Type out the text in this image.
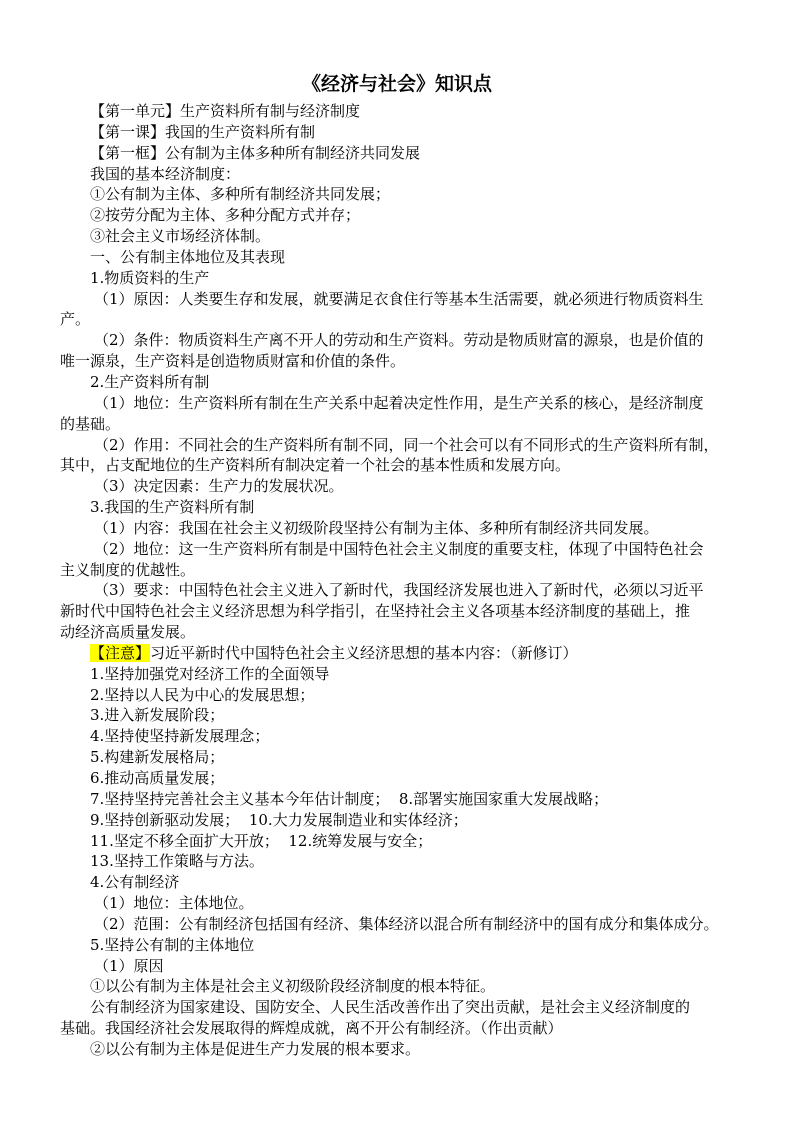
《经济与社会》知识点

【第一单元】生产资料所有制与经济制度

【第一课】我国的生产资料所有制

【第一框】公有制为主体多种所有制经济共同发展

我国的基本经济制度：

①公有制为主体、多种所有制经济共同发展；

②按劳分配为主体、多种分配方式并存；

③社会主义市场经济体制。

一、公有制主体地位及其表现

1.物质资料的生产

（1）原因：人类要生存和发展，就要满足衣食住行等基本生活需要，就必须进行物质资料生

产。

（2）条件：物质资料生产离不开人的劳动和生产资料。劳动是物质财富的源泉，也是价值的

唯一源泉，生产资料是创造物质财富和价值的条件。

2.生产资料所有制

（1）地位：生产资料所有制在生产关系中起着决定性作用，是生产关系的核心，是经济制度

的基础。

（2）作用：不同社会的生产资料所有制不同，同一个社会可以有不同形式的生产资料所有制，

其中，占支配地位的生产资料所有制决定着一个社会的基本性质和发展方向。

（3）决定因素：生产力的发展状况。

3.我国的生产资料所有制

（1）内容：我国在社会主义初级阶段坚持公有制为主体、多种所有制经济共同发展。

（2）地位：这一生产资料所有制是中国特色社会主义制度的重要支柱，体现了中国特色社会

主义制度的优越性。

（3）要求：中国特色社会主义进入了新时代，我国经济发展也进入了新时代，必须以习近平

新时代中国特色社会主义经济思想为科学指引，在坚持社会主义各项基本经济制度的基础上，推

动经济高质量发展。

【注意】习近平新时代中国特色社会主义经济思想的基本内容：（新修订）

1.坚持加强党对经济工作的全面领导

2.坚持以人民为中心的发展思想；

3.进入新发展阶段；

4.坚持使坚持新发展理念；

5.构建新发展格局；

6.推动高质量发展；

7.坚持坚持完善社会主义基本今年估计制度；  8.部署实施国家重大发展战略；

9.坚持创新驱动发展；  10.大力发展制造业和实体经济；

11.坚定不移全面扩大开放；  12.统筹发展与安全；

13.坚持工作策略与方法。

4.公有制经济

（1）地位：主体地位。

（2）范围：公有制经济包括国有经济、集体经济以混合所有制经济中的国有成分和集体成分。

5.坚持公有制的主体地位

（1）原因

①以公有制为主体是社会主义初级阶段经济制度的根本特征。

公有制经济为国家建设、国防安全、人民生活改善作出了突出贡献，是社会主义经济制度的

基础。我国经济社会发展取得的辉煌成就，离不开公有制经济。（作出贡献）

②以公有制为主体是促进生产力发展的根本要求。
